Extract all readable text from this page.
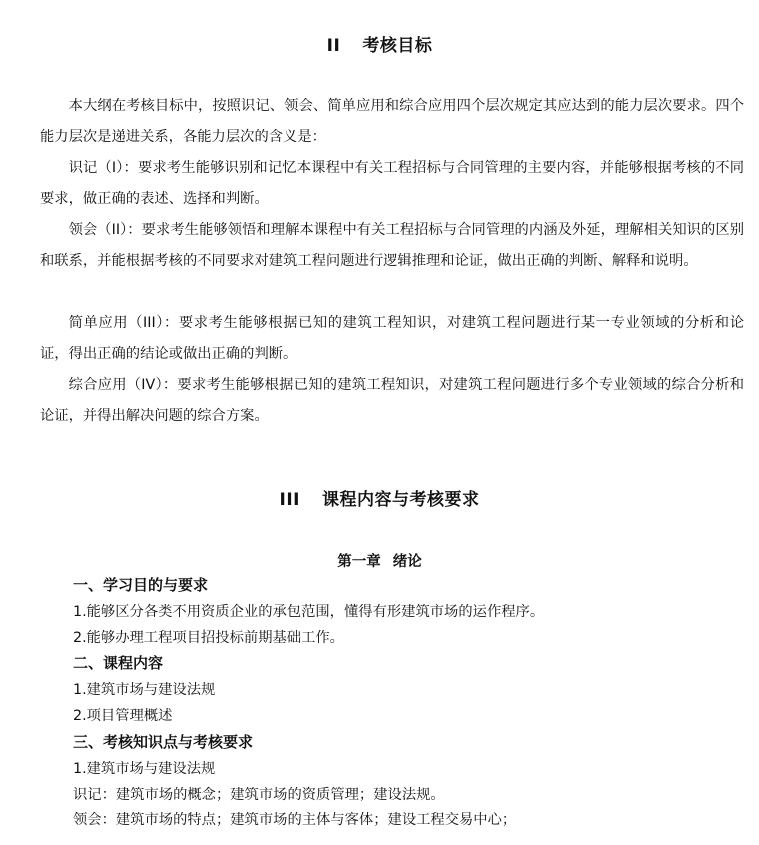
II 考核目标

本大纲在考核目标中，按照识记、领会、简单应用和综合应用四个层次规定其应达到的能力层次要求。四个能力层次是递进关系，各能力层次的含义是：

识记（I）：要求考生能够识别和记忆本课程中有关工程招标与合同管理的主要内容，并能够根据考核的不同要求，做正确的表述、选择和判断。

领会（II）：要求考生能够领悟和理解本课程中有关工程招标与合同管理的内涵及外延，理解相关知识的区别和联系，并能根据考核的不同要求对建筑工程问题进行逻辑推理和论证，做出正确的判断、解释和说明。

简单应用（III）：要求考生能够根据已知的建筑工程知识，对建筑工程问题进行某一专业领域的分析和论证，得出正确的结论或做出正确的判断。

综合应用（IV）：要求考生能够根据已知的建筑工程知识，对建筑工程问题进行多个专业领域的综合分析和论证，并得出解决问题的综合方案。

III 课程内容与考核要求
第一章 绪论
一、学习目的与要求
1.能够区分各类不用资质企业的承包范围，懂得有形建筑市场的运作程序。
2.能够办理工程项目招投标前期基础工作。
二、课程内容
1.建筑市场与建设法规
2.项目管理概述
三、考核知识点与考核要求
1.建筑市场与建设法规
识记：建筑市场的概念；建筑市场的资质管理；建设法规。
领会：建筑市场的特点；建筑市场的主体与客体；建设工程交易中心；
